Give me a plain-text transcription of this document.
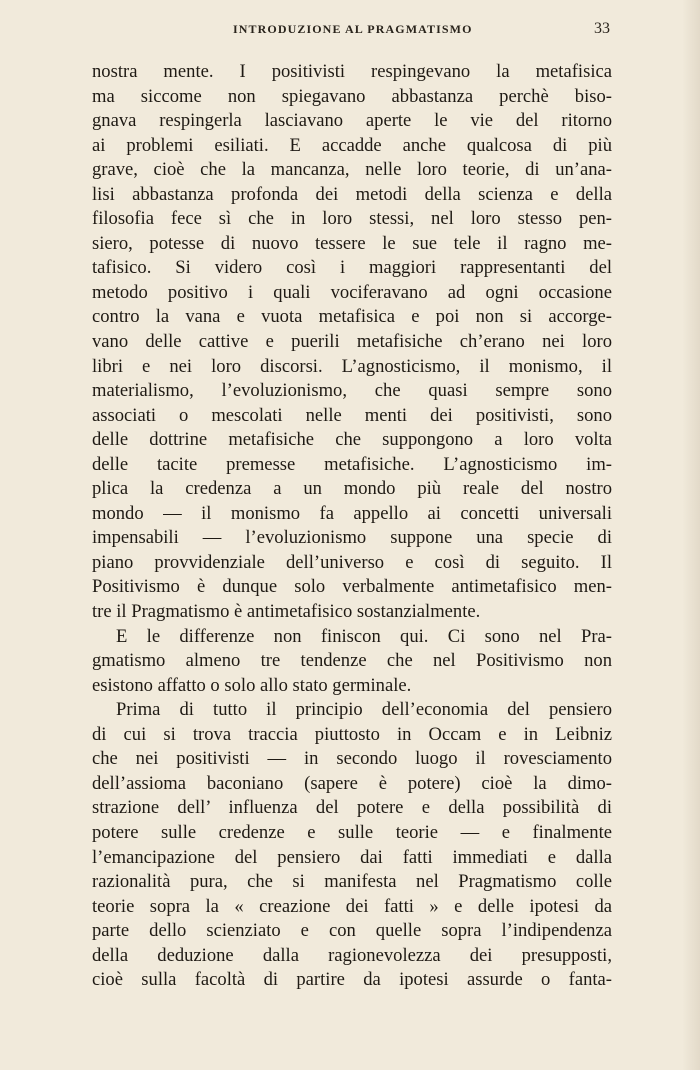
INTRODUZIONE AL PRAGMATISMO	33
nostra mente. I positivisti respingevano la metafisica
ma siccome non spiegavano abbastanza perchè biso-
gnava respingerla lasciavano aperte le vie del ritorno
ai problemi esiliati. E accadde anche qualcosa di più
grave, cioè che la mancanza, nelle loro teorie, di un’ana-
lisi abbastanza profonda dei metodi della scienza e della
filosofia fece sì che in loro stessi, nel loro stesso pen-
siero, potesse di nuovo tessere le sue tele il ragno me-
tafisico. Si videro così i maggiori rappresentanti del
metodo positivo i quali vociferavano ad ogni occasione
contro la vana e vuota metafisica e poi non si accorge-
vano delle cattive e puerili metafisiche ch’erano nei loro
libri e nei loro discorsi. L’agnosticismo, il monismo, il
materialismo, l’evoluzionismo, che quasi sempre sono
associati o mescolati nelle menti dei positivisti, sono
delle dottrine metafisiche che suppongono a loro volta
delle tacite premesse metafisiche. L’agnosticismo im-
plica la credenza a un mondo più reale del nostro
mondo — il monismo fa appello ai concetti universali
impensabili — l’evoluzionismo suppone una specie di
piano provvidenziale dell’universo e così di seguito. Il
Positivismo è dunque solo verbalmente antimetafisico men-
tre il Pragmatismo è antimetafisico sostanzialmente.
E le differenze non finiscon qui. Ci sono nel Pra-
gmatismo almeno tre tendenze che nel Positivismo non
esistono affatto o solo allo stato germinale.
Prima di tutto il principio dell’economia del pensiero
di cui si trova traccia piuttosto in Occam e in Leibniz
che nei positivisti — in secondo luogo il rovesciamento
dell’assioma baconiano (sapere è potere) cioè la dimo-
strazione dell’ influenza del potere e della possibilità di
potere sulle credenze e sulle teorie — e finalmente
l’emancipazione del pensiero dai fatti immediati e dalla
razionalità pura, che si manifesta nel Pragmatismo colle
teorie sopra la « creazione dei fatti » e delle ipotesi da
parte dello scienziato e con quelle sopra l’indipendenza
della deduzione dalla ragionevolezza dei presupposti,
cioè sulla facoltà di partire da ipotesi assurde o fanta-
